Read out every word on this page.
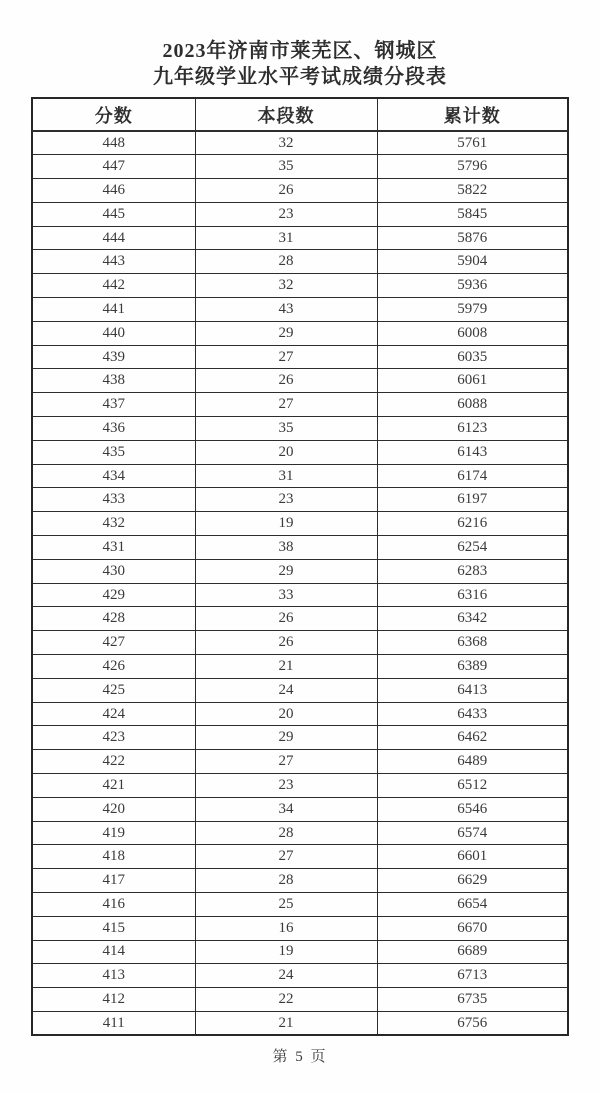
2023年济南市莱芜区、钢城区
九年级学业水平考试成绩分段表
分数	本段数	累计数
448	32	5761
447	35	5796
446	26	5822
445	23	5845
444	31	5876
443	28	5904
442	32	5936
441	43	5979
440	29	6008
439	27	6035
438	26	6061
437	27	6088
436	35	6123
435	20	6143
434	31	6174
433	23	6197
432	19	6216
431	38	6254
430	29	6283
429	33	6316
428	26	6342
427	26	6368
426	21	6389
425	24	6413
424	20	6433
423	29	6462
422	27	6489
421	23	6512
420	34	6546
419	28	6574
418	27	6601
417	28	6629
416	25	6654
415	16	6670
414	19	6689
413	24	6713
412	22	6735
411	21	6756
第 5 页
